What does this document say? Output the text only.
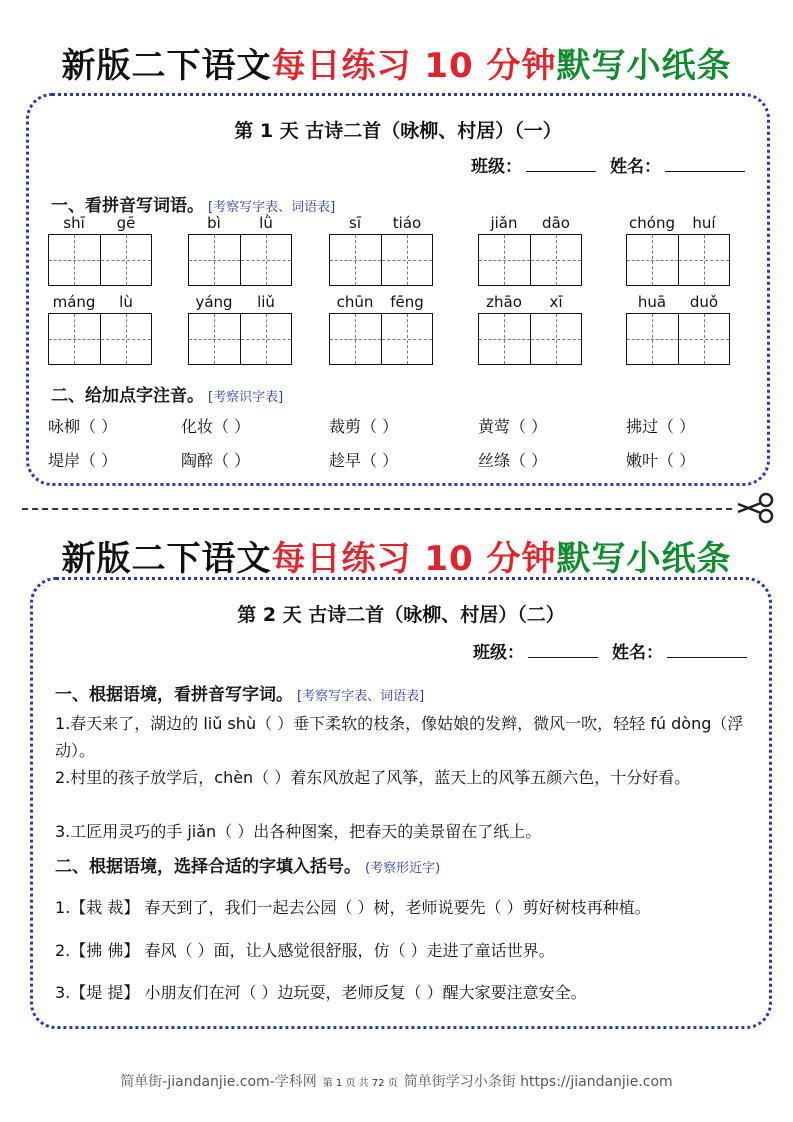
新版二下语文每日练习 10 分钟默写小纸条
第 1 天 古诗二首（咏柳、村居）（一）
班级：	姓名：
一、看拼音写词语。 [考察写字表、词语表]
shī	gē	bì	lǜ	sī	tiáo	jiǎn	dāo	chóng	huí
máng	lù	yáng	liǔ	chūn	fēng	zhāo	xī	huā	duǒ
二、给加点字注音。 [考察识字表]
咏柳（ ）	化妆（ ）	裁剪（ ）	黄莺（ ）	拂过（ ）
堤岸（ ）	陶醉（ ）	趁早（ ）	丝绦（ ）	嫩叶（ ）
新版二下语文每日练习 10 分钟默写小纸条
第 2 天 古诗二首（咏柳、村居）（二）
班级：	姓名：
一、根据语境，看拼音写字词。 [考察写字表、词语表]
1.春天来了，湖边的 liǔ shù（ ）垂下柔软的枝条，像姑娘的发辫，微风一吹，轻轻 fú dòng（浮动）。
2.村里的孩子放学后，chèn（ ）着东风放起了风筝，蓝天上的风筝五颜六色，十分好看。
3.工匠用灵巧的手 jiǎn（ ）出各种图案，把春天的美景留在了纸上。
二、根据语境，选择合适的字填入括号。 (考察形近字)
1.【栽 裁】 春天到了，我们一起去公园（ ）树，老师说要先（ ）剪好树枝再种植。
2.【拂 佛】 春风（ ）面，让人感觉很舒服，仿（ ）走进了童话世界。
3.【堤 提】 小朋友们在河（ ）边玩耍，老师反复（ ）醒大家要注意安全。
简单街-jiandanjie.com-学科网 第 1 页 共 72 页 简单街学习小条街 https://jiandanjie.com
